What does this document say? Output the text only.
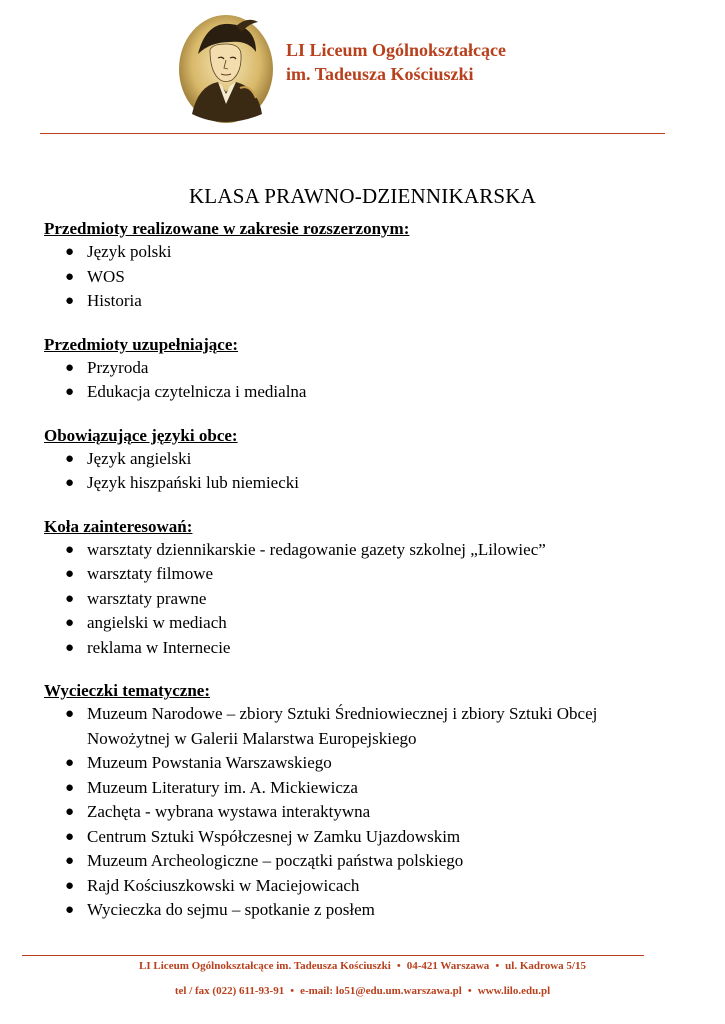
LI Liceum Ogólnokształcące
im. Tadeusza Kościuszki
KLASA PRAWNO-DZIENNIKARSKA
Przedmioty realizowane w zakresie rozszerzonym:
● Język polski
● WOS
● Historia
Przedmioty uzupełniające:
● Przyroda
● Edukacja czytelnicza i medialna
Obowiązujące języki obce:
● Język angielski
● Język hiszpański lub niemiecki
Koła zainteresowań:
● warsztaty dziennikarskie - redagowanie gazety szkolnej „Lilowiec”
● warsztaty filmowe
● warsztaty prawne
● angielski w mediach
● reklama w Internecie
Wycieczki tematyczne:
● Muzeum Narodowe – zbiory Sztuki Średniowiecznej i zbiory Sztuki Obcej Nowożytnej w Galerii Malarstwa Europejskiego
● Muzeum Powstania Warszawskiego
● Muzeum Literatury im. A. Mickiewicza
● Zachęta - wybrana wystawa interaktywna
● Centrum Sztuki Współczesnej w Zamku Ujazdowskim
● Muzeum Archeologiczne – początki państwa polskiego
● Rajd Kościuszkowski w Maciejowicach
● Wycieczka do sejmu – spotkanie z posłem
LI Liceum Ogólnokształcące im. Tadeusza Kościuszki • 04-421 Warszawa • ul. Kadrowa 5/15
tel / fax (022) 611-93-91 • e-mail: lo51@edu.um.warszawa.pl • www.lilo.edu.pl
